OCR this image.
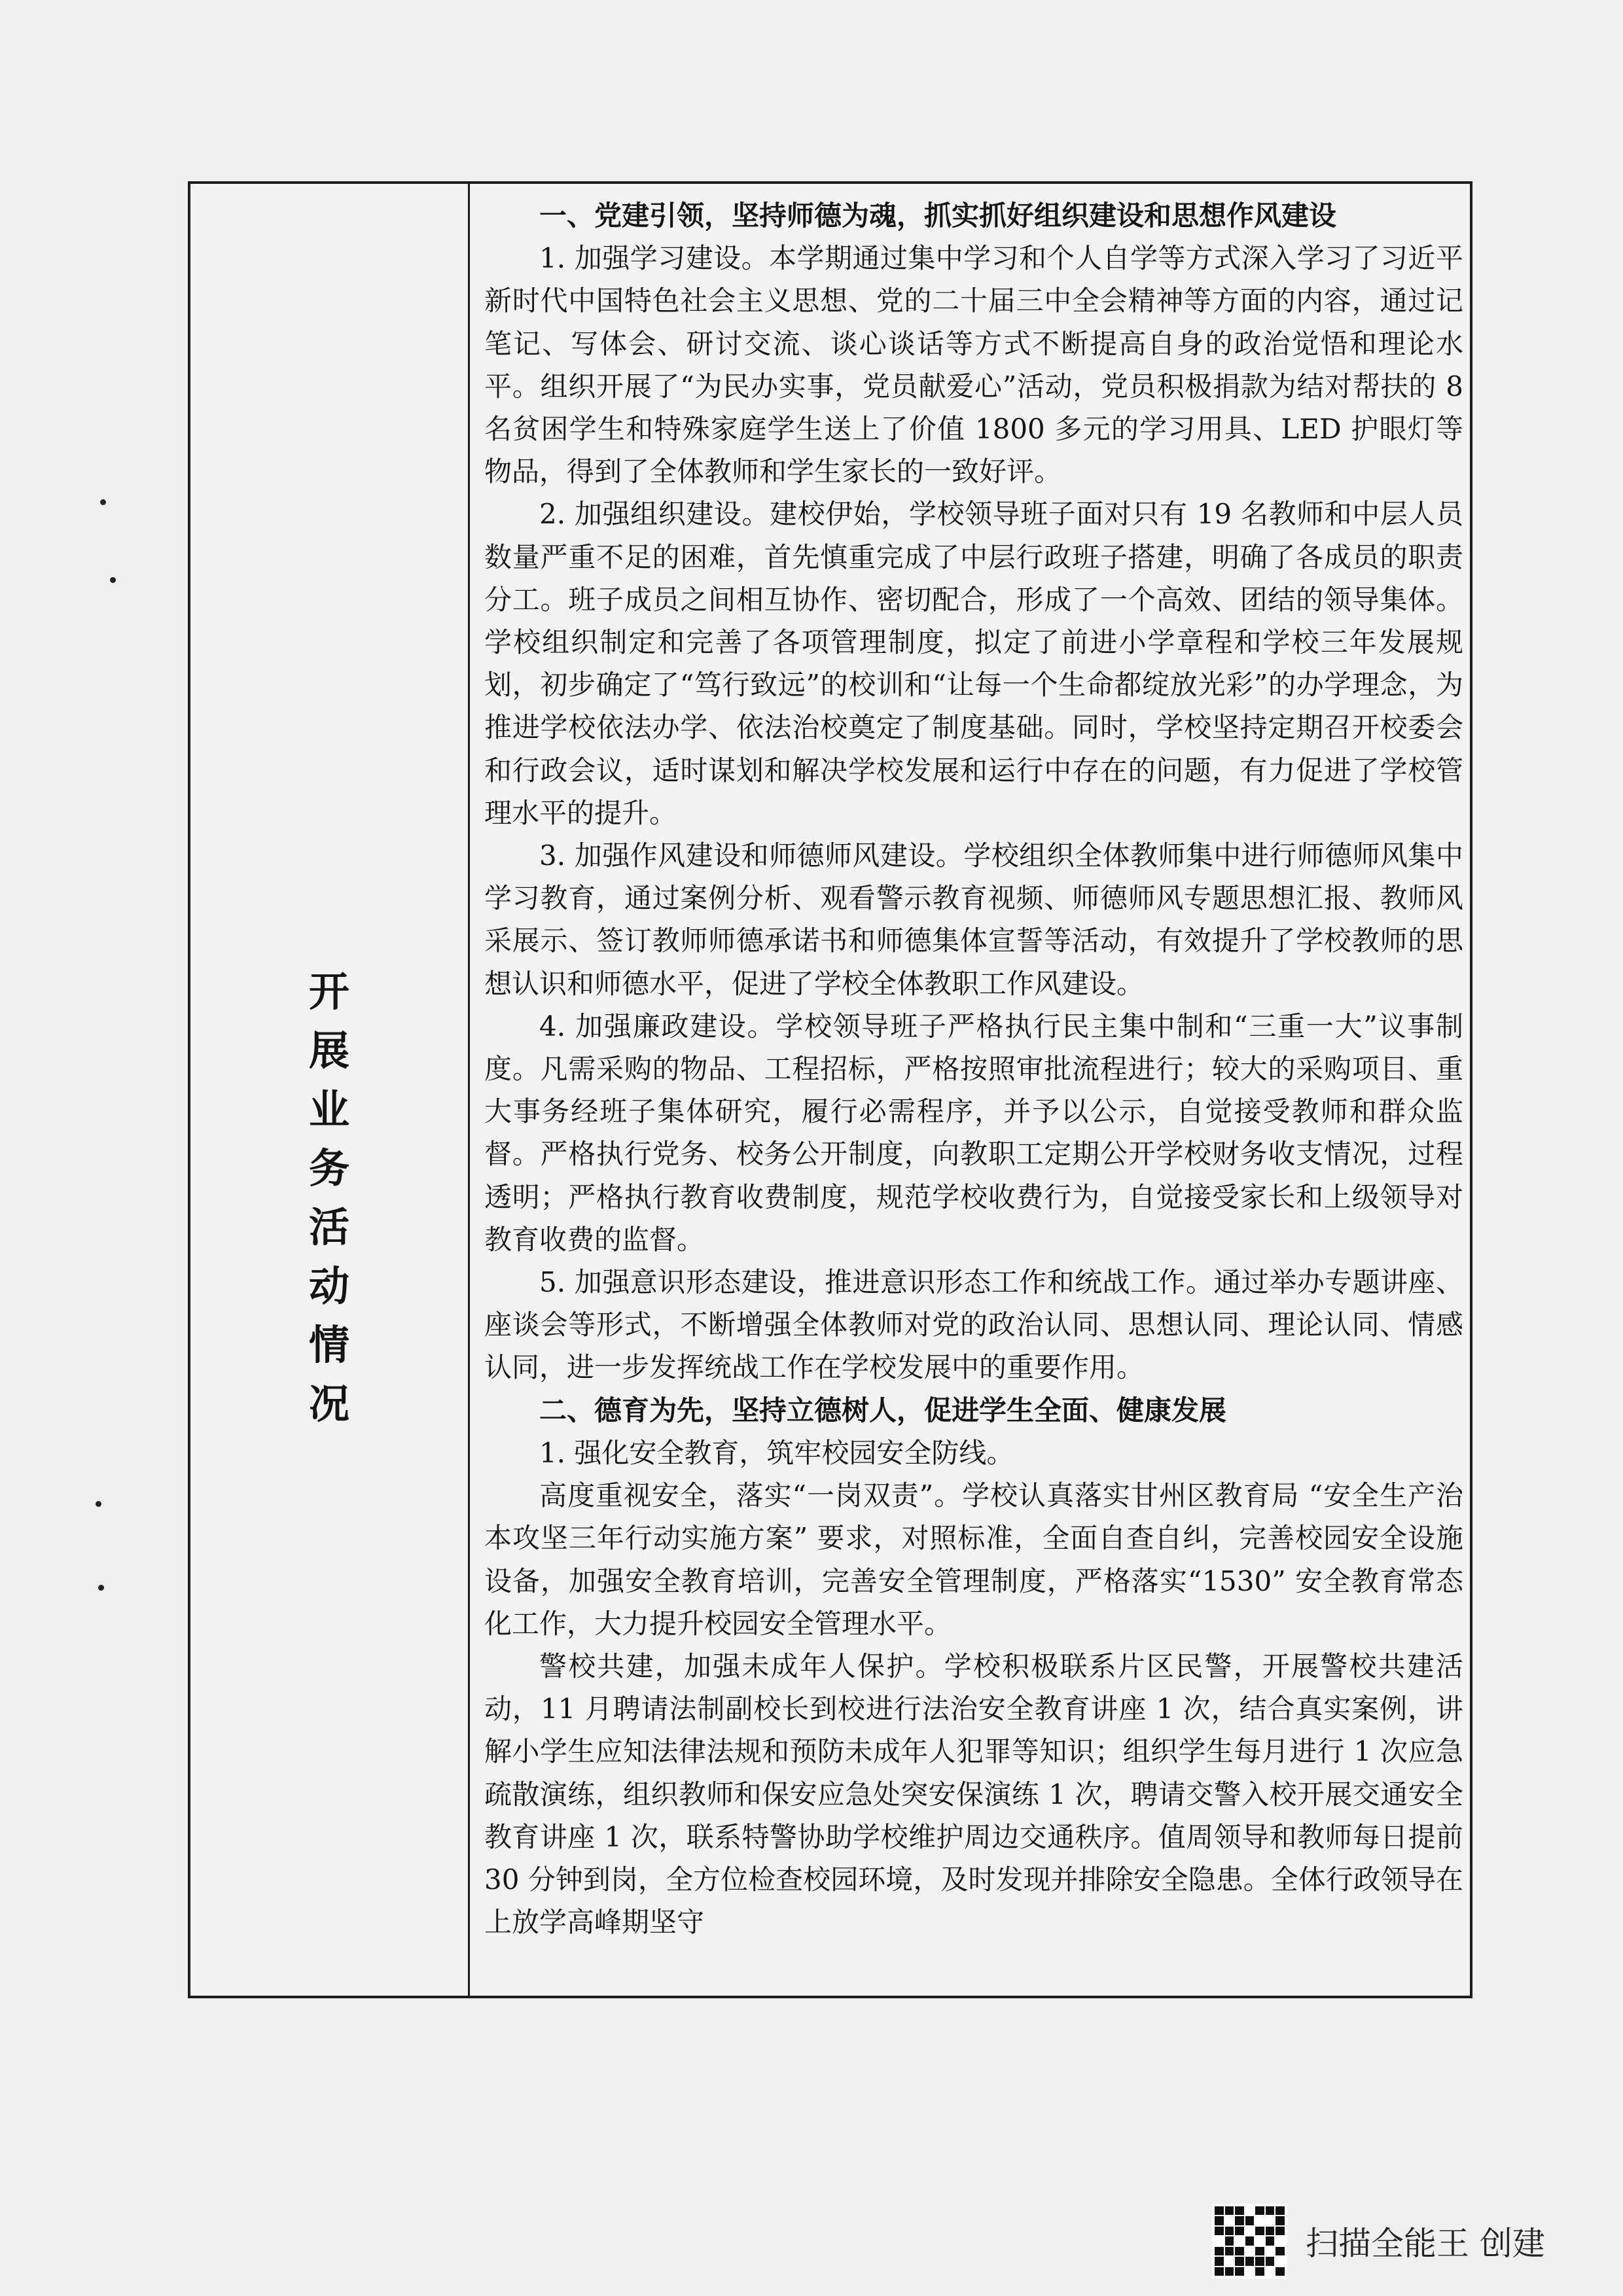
开
展
业
务
活
动
情
况

一、党建引领，坚持师德为魂，抓实抓好组织建设和思想作风建设

1. 加强学习建设。本学期通过集中学习和个人自学等方式深入学习了习近平新时代中国特色社会主义思想、党的二十届三中全会精神等方面的内容，通过记笔记、写体会、研讨交流、谈心谈话等方式不断提高自身的政治觉悟和理论水平。组织开展了“为民办实事，党员献爱心”活动，党员积极捐款为结对帮扶的 8 名贫困学生和特殊家庭学生送上了价值 1800 多元的学习用具、LED 护眼灯等物品，得到了全体教师和学生家长的一致好评。

2. 加强组织建设。建校伊始，学校领导班子面对只有 19 名教师和中层人员数量严重不足的困难，首先慎重完成了中层行政班子搭建，明确了各成员的职责分工。班子成员之间相互协作、密切配合，形成了一个高效、团结的领导集体。学校组织制定和完善了各项管理制度，拟定了前进小学章程和学校三年发展规划，初步确定了“笃行致远”的校训和“让每一个生命都绽放光彩”的办学理念，为推进学校依法办学、依法治校奠定了制度基础。同时，学校坚持定期召开校委会和行政会议，适时谋划和解决学校发展和运行中存在的问题，有力促进了学校管理水平的提升。

3. 加强作风建设和师德师风建设。学校组织全体教师集中进行师德师风集中学习教育，通过案例分析、观看警示教育视频、师德师风专题思想汇报、教师风采展示、签订教师师德承诺书和师德集体宣誓等活动，有效提升了学校教师的思想认识和师德水平，促进了学校全体教职工作风建设。

4. 加强廉政建设。学校领导班子严格执行民主集中制和“三重一大”议事制度。凡需采购的物品、工程招标，严格按照审批流程进行；较大的采购项目、重大事务经班子集体研究，履行必需程序，并予以公示，自觉接受教师和群众监督。严格执行党务、校务公开制度，向教职工定期公开学校财务收支情况，过程透明；严格执行教育收费制度，规范学校收费行为，自觉接受家长和上级领导对教育收费的监督。

5. 加强意识形态建设，推进意识形态工作和统战工作。通过举办专题讲座、座谈会等形式，不断增强全体教师对党的政治认同、思想认同、理论认同、情感认同，进一步发挥统战工作在学校发展中的重要作用。

二、德育为先，坚持立德树人，促进学生全面、健康发展

1. 强化安全教育，筑牢校园安全防线。

高度重视安全，落实“一岗双责”。学校认真落实甘州区教育局 “安全生产治本攻坚三年行动实施方案” 要求，对照标准，全面自查自纠，完善校园安全设施设备，加强安全教育培训，完善安全管理制度，严格落实“1530” 安全教育常态化工作，大力提升校园安全管理水平。

警校共建，加强未成年人保护。学校积极联系片区民警，开展警校共建活动，11 月聘请法制副校长到校进行法治安全教育讲座 1 次，结合真实案例，讲解小学生应知法律法规和预防未成年人犯罪等知识；组织学生每月进行 1 次应急疏散演练，组织教师和保安应急处突安保演练 1 次，聘请交警入校开展交通安全教育讲座 1 次，联系特警协助学校维护周边交通秩序。值周领导和教师每日提前 30 分钟到岗，全方位检查校园环境，及时发现并排除安全隐患。全体行政领导在上放学高峰期坚守

扫描全能王 创建
